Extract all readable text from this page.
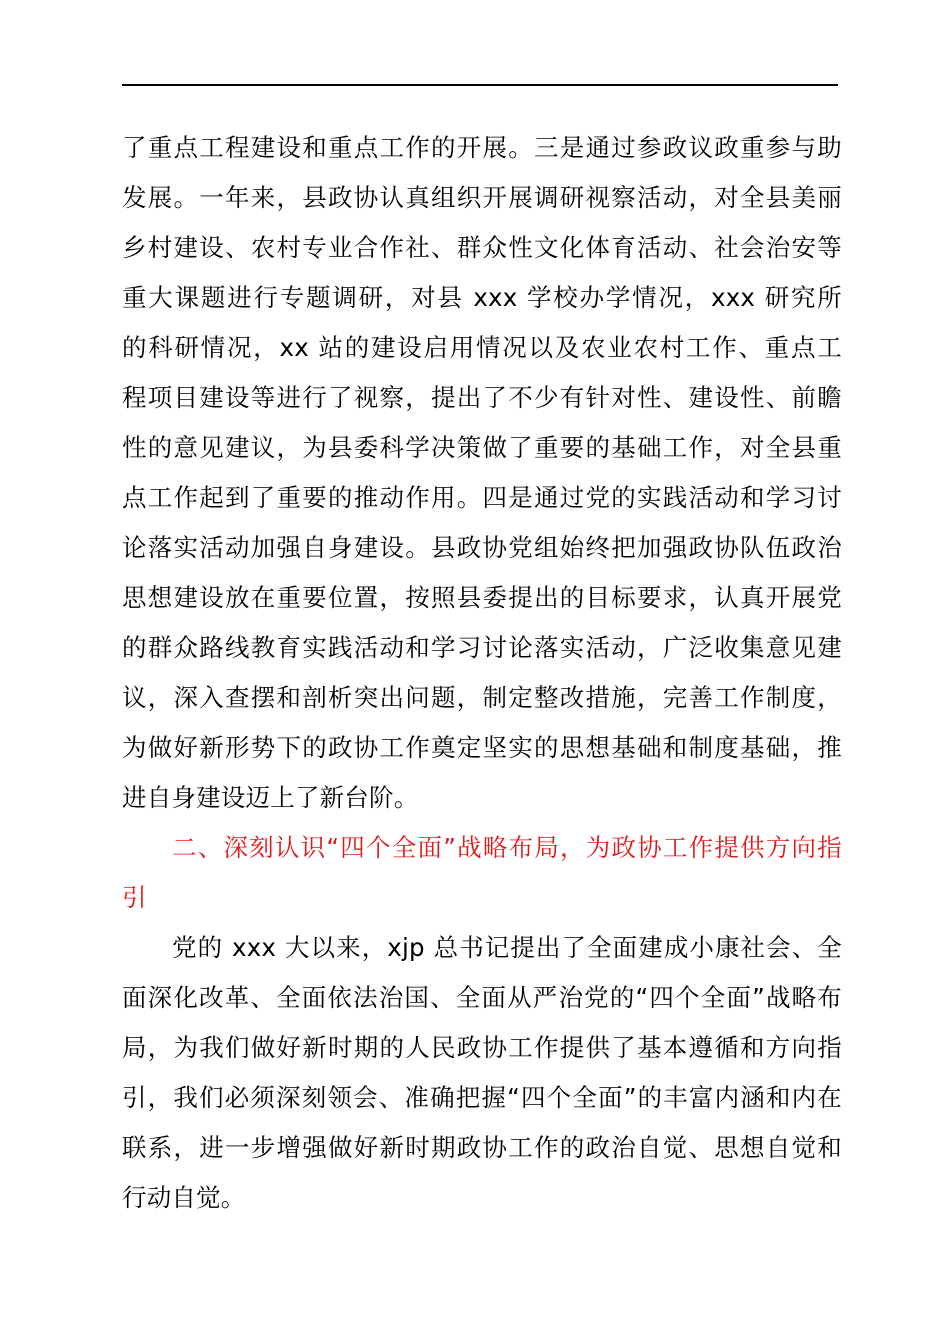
了重点工程建设和重点工作的开展。三是通过参政议政重参与助
发展。一年来，县政协认真组织开展调研视察活动，对全县美丽
乡村建设、农村专业合作社、群众性文化体育活动、社会治安等
重大课题进行专题调研，对县 xxx 学校办学情况，xxx 研究所
的科研情况，xx 站的建设启用情况以及农业农村工作、重点工
程项目建设等进行了视察，提出了不少有针对性、建设性、前瞻
性的意见建议，为县委科学决策做了重要的基础工作，对全县重
点工作起到了重要的推动作用。四是通过党的实践活动和学习讨
论落实活动加强自身建设。县政协党组始终把加强政协队伍政治
思想建设放在重要位置，按照县委提出的目标要求，认真开展党
的群众路线教育实践活动和学习讨论落实活动，广泛收集意见建
议，深入查摆和剖析突出问题，制定整改措施，完善工作制度，
为做好新形势下的政协工作奠定坚实的思想基础和制度基础，推
进自身建设迈上了新台阶。
二、深刻认识“四个全面”战略布局，为政协工作提供方向指
引
党的 xxx 大以来，xjp 总书记提出了全面建成小康社会、全
面深化改革、全面依法治国、全面从严治党的“四个全面”战略布
局，为我们做好新时期的人民政协工作提供了基本遵循和方向指
引，我们必须深刻领会、准确把握“四个全面”的丰富内涵和内在
联系，进一步增强做好新时期政协工作的政治自觉、思想自觉和
行动自觉。
